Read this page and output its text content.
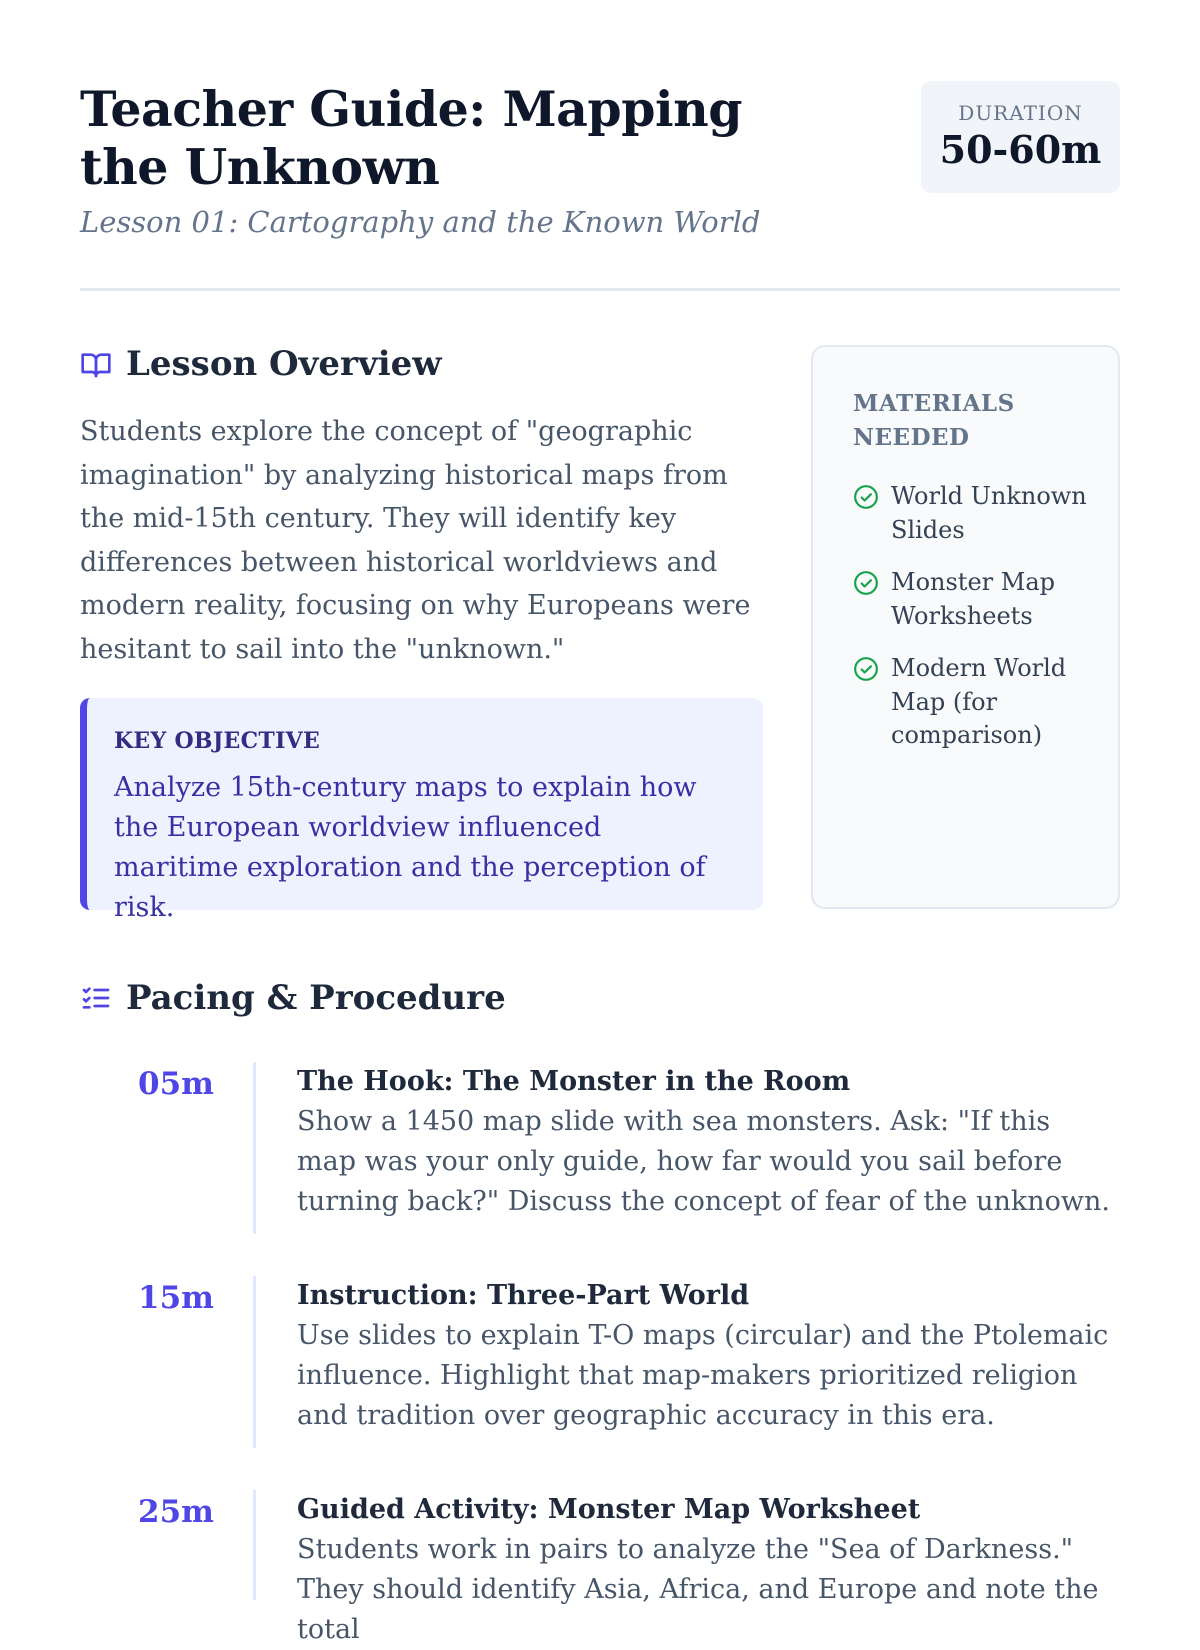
Teacher Guide: Mapping the Unknown
Lesson 01: Cartography and the Known World
DURATION
50-60m
Lesson Overview

Students explore the concept of "geographic imagination" by analyzing historical maps from the mid-15th century. They will identify key differences between historical worldviews and modern reality, focusing on why Europeans were hesitant to sail into the "unknown."

KEY OBJECTIVE

Analyze 15th-century maps to explain how the European worldview influenced maritime exploration and the perception of risk.

MATERIALS NEEDED
World Unknown Slides
Monster Map Worksheets
Modern World Map (for comparison)
Pacing & Procedure
05m	The Hook: The Monster in the Room

Show a 1450 map slide with sea monsters. Ask: "If this map was your only guide, how far would you sail before turning back?" Discuss the concept of fear of the unknown.

15m	Instruction: Three-Part World

Use slides to explain T-O maps (circular) and the Ptolemaic influence. Highlight that map-makers prioritized religion and tradition over geographic accuracy in this era.

25m	Guided Activity: Monster Map Worksheet

Students work in pairs to analyze the "Sea of Darkness." They should identify Asia, Africa, and Europe and note the total
